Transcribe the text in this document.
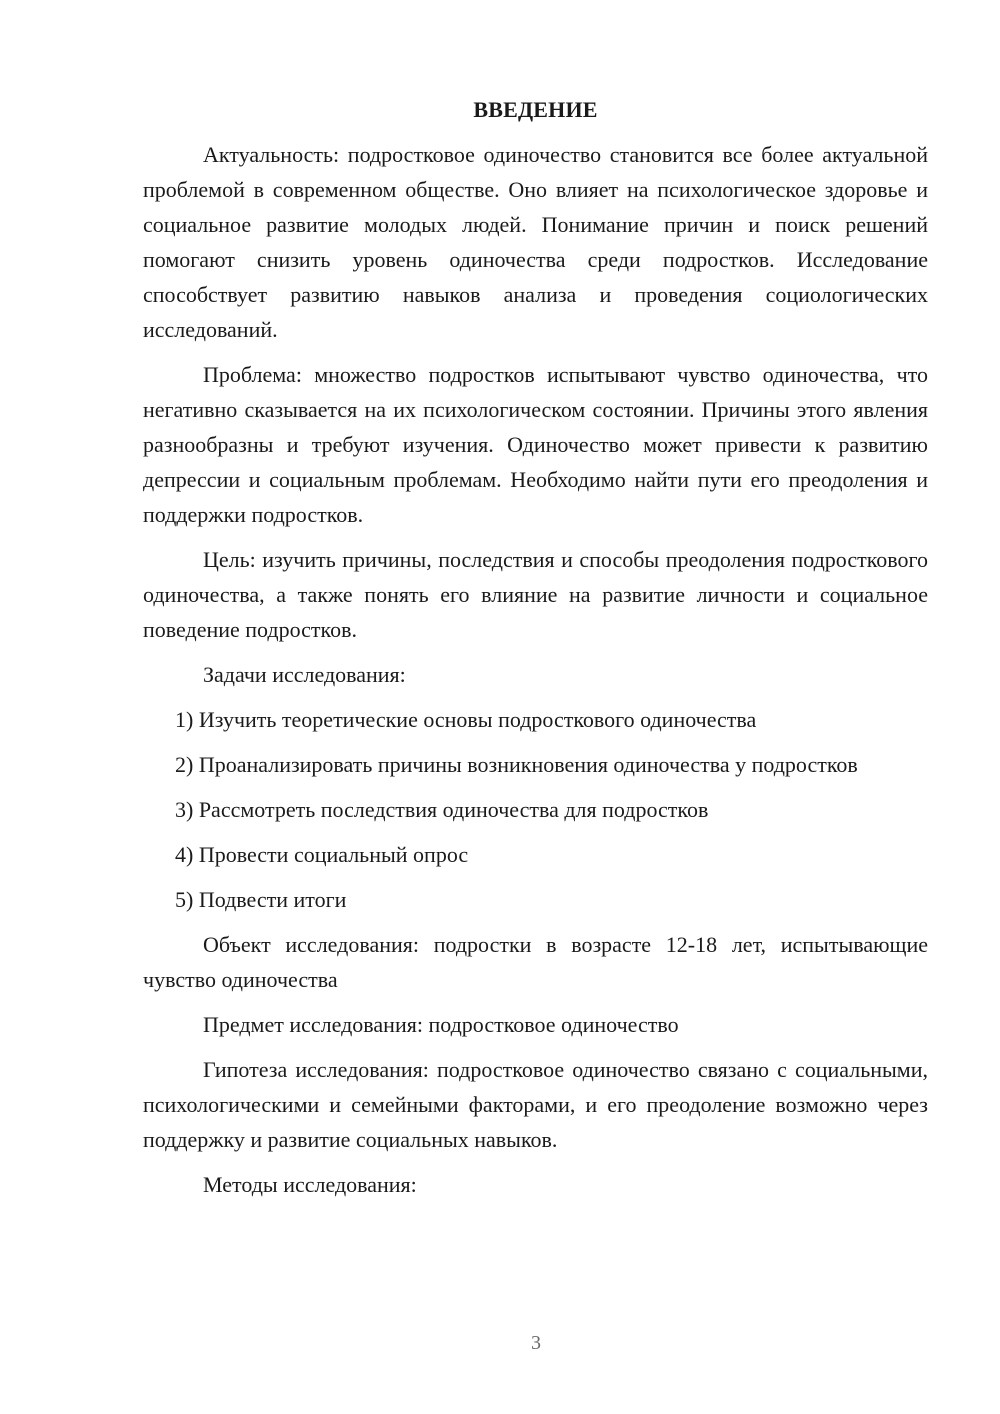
ВВЕДЕНИЕ

Актуальность: подростковое одиночество становится все более актуальной проблемой в современном обществе. Оно влияет на психологическое здоровье и социальное развитие молодых людей. Понимание причин и поиск решений помогают снизить уровень одиночества среди подростков. Исследование способствует развитию навыков анализа и проведения социологических исследований.

Проблема: множество подростков испытывают чувство одиночества, что негативно сказывается на их психологическом состоянии. Причины этого явления разнообразны и требуют изучения. Одиночество может привести к развитию депрессии и социальным проблемам. Необходимо найти пути его преодоления и поддержки подростков.

Цель: изучить причины, последствия и способы преодоления подросткового одиночества, а также понять его влияние на развитие личности и социальное поведение подростков.

Задачи исследования:

1) Изучить теоретические основы подросткового одиночества

2) Проанализировать причины возникновения одиночества у подростков

3) Рассмотреть последствия одиночества для подростков

4) Провести социальный опрос

5) Подвести итоги

Объект исследования: подростки в возрасте 12-18 лет, испытывающие чувство одиночества

Предмет исследования: подростковое одиночество

Гипотеза исследования: подростковое одиночество связано с социальными, психологическими и семейными факторами, и его преодоление возможно через поддержку и развитие социальных навыков.

Методы исследования:

3
